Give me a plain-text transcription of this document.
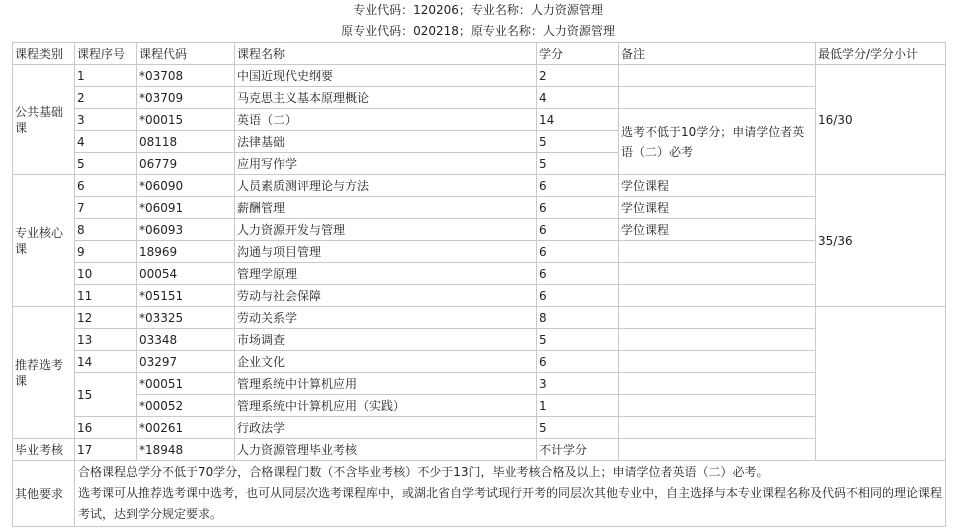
专业代码：120206；专业名称：人力资源管理
原专业代码：020218；原专业名称：人力资源管理
课程类别	课程序号	课程代码	课程名称	学分	备注	最低学分/学分小计
公共基础课	1	*03708	中国近现代史纲要	2		16/30
	2	*03709	马克思主义基本原理概论	4		
	3	*00015	英语（二）	14	选考不低于10学分；申请学位者英语（二）必考	
	4	08118	法律基础	5		
	5	06779	应用写作学	5		
专业核心课	6	*06090	人员素质测评理论与方法	6	学位课程	35/36
	7	*06091	薪酬管理	6	学位课程	
	8	*06093	人力资源开发与管理	6	学位课程	
	9	18969	沟通与项目管理	6		
	10	00054	管理学原理	6		
	11	*05151	劳动与社会保障	6		
推荐选考课	12	*03325	劳动关系学	8		
	13	03348	市场调查	5		
	14	03297	企业文化	6		
	15	*00051	管理系统中计算机应用	3		
		*00052	管理系统中计算机应用（实践）	1		
	16	*00261	行政法学	5		
毕业考核	17	*18948	人力资源管理毕业考核	不计学分		
其他要求	合格课程总学分不低于70学分，合格课程门数（不含毕业考核）不少于13门，毕业考核合格及以上；申请学位者英语（二）必考。
选考课可从推荐选考课中选考，也可从同层次选考课程库中，或湖北省自学考试现行开考的同层次其他专业中，自主选择与本专业课程名称及代码不相同的理论课程考试，达到学分规定要求。					
